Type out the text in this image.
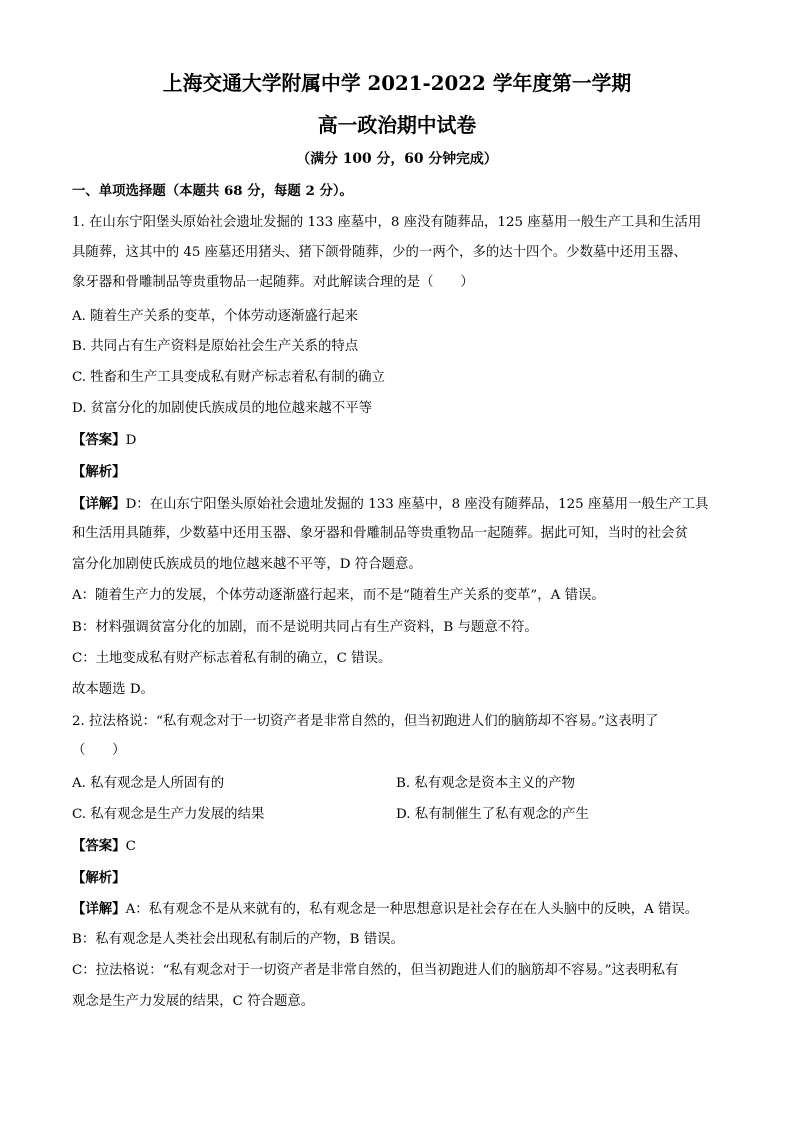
上海交通大学附属中学 2021-2022 学年度第一学期
高一政治期中试卷
（满分 100 分，60 分钟完成）
一、单项选择题（本题共 68 分，每题 2 分）。
1. 在山东宁阳堡头原始社会遗址发掘的 133 座墓中，8 座没有随葬品，125 座墓用一般生产工具和生活用
具随葬，这其中的 45 座墓还用猪头、猪下颌骨随葬，少的一两个，多的达十四个。少数墓中还用玉器、
象牙器和骨雕制品等贵重物品一起随葬。对此解读合理的是（　　）
A. 随着生产关系的变革，个体劳动逐渐盛行起来
B. 共同占有生产资料是原始社会生产关系的特点
C. 牲畜和生产工具变成私有财产标志着私有制的确立
D. 贫富分化的加剧使氏族成员的地位越来越不平等
【答案】D
【解析】
【详解】D：在山东宁阳堡头原始社会遗址发掘的 133 座墓中，8 座没有随葬品，125 座墓用一般生产工具
和生活用具随葬，少数墓中还用玉器、象牙器和骨雕制品等贵重物品一起随葬。据此可知，当时的社会贫
富分化加剧使氏族成员的地位越来越不平等，D 符合题意。
A：随着生产力的发展，个体劳动逐渐盛行起来，而不是“随着生产关系的变革”，A 错误。
B：材料强调贫富分化的加剧，而不是说明共同占有生产资料，B 与题意不符。
C：土地变成私有财产标志着私有制的确立，C 错误。
故本题选 D。
2. 拉法格说：“私有观念对于一切资产者是非常自然的，但当初跑进人们的脑筋却不容易。”这表明了
（　　）
A. 私有观念是人所固有的	B. 私有观念是资本主义的产物
C. 私有观念是生产力发展的结果	D. 私有制催生了私有观念的产生
【答案】C
【解析】
【详解】A：私有观念不是从来就有的，私有观念是一种思想意识是社会存在在人头脑中的反映，A 错误。
B：私有观念是人类社会出现私有制后的产物，B 错误。
C：拉法格说：“私有观念对于一切资产者是非常自然的，但当初跑进人们的脑筋却不容易。”这表明私有
观念是生产力发展的结果，C 符合题意。
